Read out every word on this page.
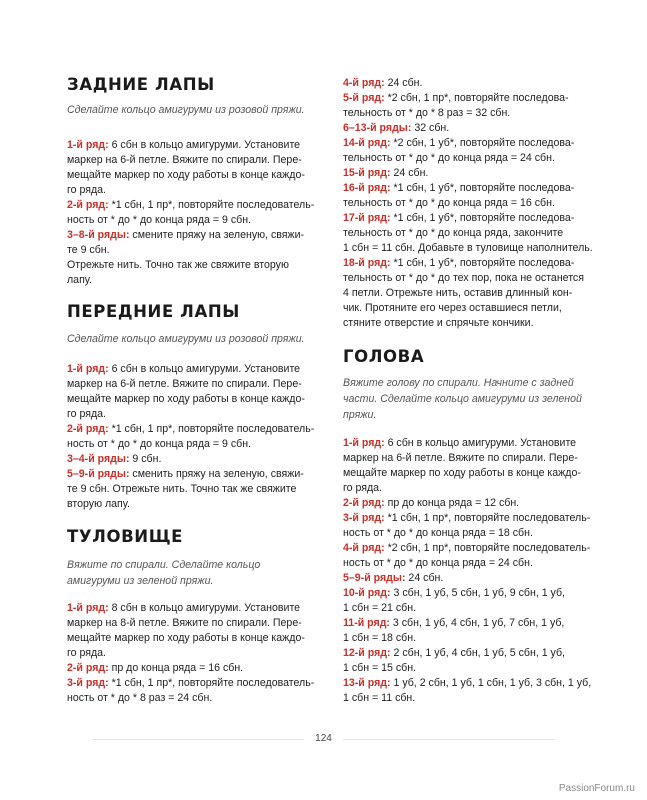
ЗАДНИЕ ЛАПЫ

Сделайте кольцо амигуруми из розовой пряжи.

1-й ряд: 6 сбн в кольцо амигуруми. Установите

маркер на 6-й петле. Вяжите по спирали. Пере-

мещайте маркер по ходу работы в конце каждо-

го ряда.

2-й ряд: *1 сбн, 1 пр*, повторяйте последователь-

ность от * до * до конца ряда = 9 сбн.

3–8-й ряды: смените пряжу на зеленую, свяжи-

те 9 сбн.

Отрежьте нить. Точно так же свяжите вторую

лапу.

ПЕРЕДНИЕ ЛАПЫ

Сделайте кольцо амигуруми из розовой пряжи.

1-й ряд: 6 сбн в кольцо амигуруми. Установите

маркер на 6-й петле. Вяжите по спирали. Пере-

мещайте маркер по ходу работы в конце каждо-

го ряда.

2-й ряд: *1 сбн, 1 пр*, повторяйте последователь-

ность от * до * до конца ряда = 9 сбн.

3–4-й ряды: 9 сбн.

5–9-й ряды: сменить пряжу на зеленую, свяжи-

те 9 сбн. Отрежьте нить. Точно так же свяжите

вторую лапу.

ТУЛОВИЩЕ

Вяжите по спирали. Сделайте кольцо амигуруми из зеленой пряжи.

1-й ряд: 8 сбн в кольцо амигуруми. Установите

маркер на 8-й петле. Вяжите по спирали. Пере-

мещайте маркер по ходу работы в конце каждо-

го ряда.

2-й ряд: пр до конца ряда = 16 сбн.

3-й ряд: *1 сбн, 1 пр*, повторяйте последователь-

ность от * до * 8 раз = 24 сбн.

4-й ряд: 24 сбн.

5-й ряд: *2 сбн, 1 пр*, повторяйте последова-

тельность от * до * 8 раз = 32 сбн.

6–13-й ряды: 32 сбн.

14-й ряд: *2 сбн, 1 уб*, повторяйте последова-

тельность от * до * до конца ряда = 24 сбн.

15-й ряд: 24 сбн.

16-й ряд: *1 сбн, 1 уб*, повторяйте последова-

тельность от * до * до конца ряда = 16 сбн.

17-й ряд: *1 сбн, 1 уб*, повторяйте последова-

тельность от * до * до конца ряда, закончите

1 сбн = 11 сбн. Добавьте в туловище наполнитель.

18-й ряд: *1 сбн, 1 уб*, повторяйте последова-

тельность от * до * до тех пор, пока не останется

4 петли. Отрежьте нить, оставив длинный кон-

чик. Протяните его через оставшиеся петли,

стяните отверстие и спрячьте кончики.

ГОЛОВА

Вяжите голову по спирали. Начните с задней части. Сделайте кольцо амигуруми из зеленой пряжи.

1-й ряд: 6 сбн в кольцо амигуруми. Установите

маркер на 6-й петле. Вяжите по спирали. Пере-

мещайте маркер по ходу работы в конце каждо-

го ряда.

2-й ряд: пр до конца ряда = 12 сбн.

3-й ряд: *1 сбн, 1 пр*, повторяйте последователь-

ность от * до * до конца ряда = 18 сбн.

4-й ряд: *2 сбн, 1 пр*, повторяйте последователь-

ность от * до * до конца ряда = 24 сбн.

5–9-й ряды: 24 сбн.

10-й ряд: 3 сбн, 1 уб, 5 сбн, 1 уб, 9 сбн, 1 уб,

1 сбн = 21 сбн.

11-й ряд: 3 сбн, 1 уб, 4 сбн, 1 уб, 7 сбн, 1 уб,

1 сбн = 18 сбн.

12-й ряд: 2 сбн, 1 уб, 4 сбн, 1 уб, 5 сбн, 1 уб,

1 сбн = 15 сбн.

13-й ряд: 1 уб, 2 сбн, 1 уб, 1 сбн, 1 уб, 3 сбн, 1 уб,

1 сбн = 11 сбн.

124
PassionForum.ru
